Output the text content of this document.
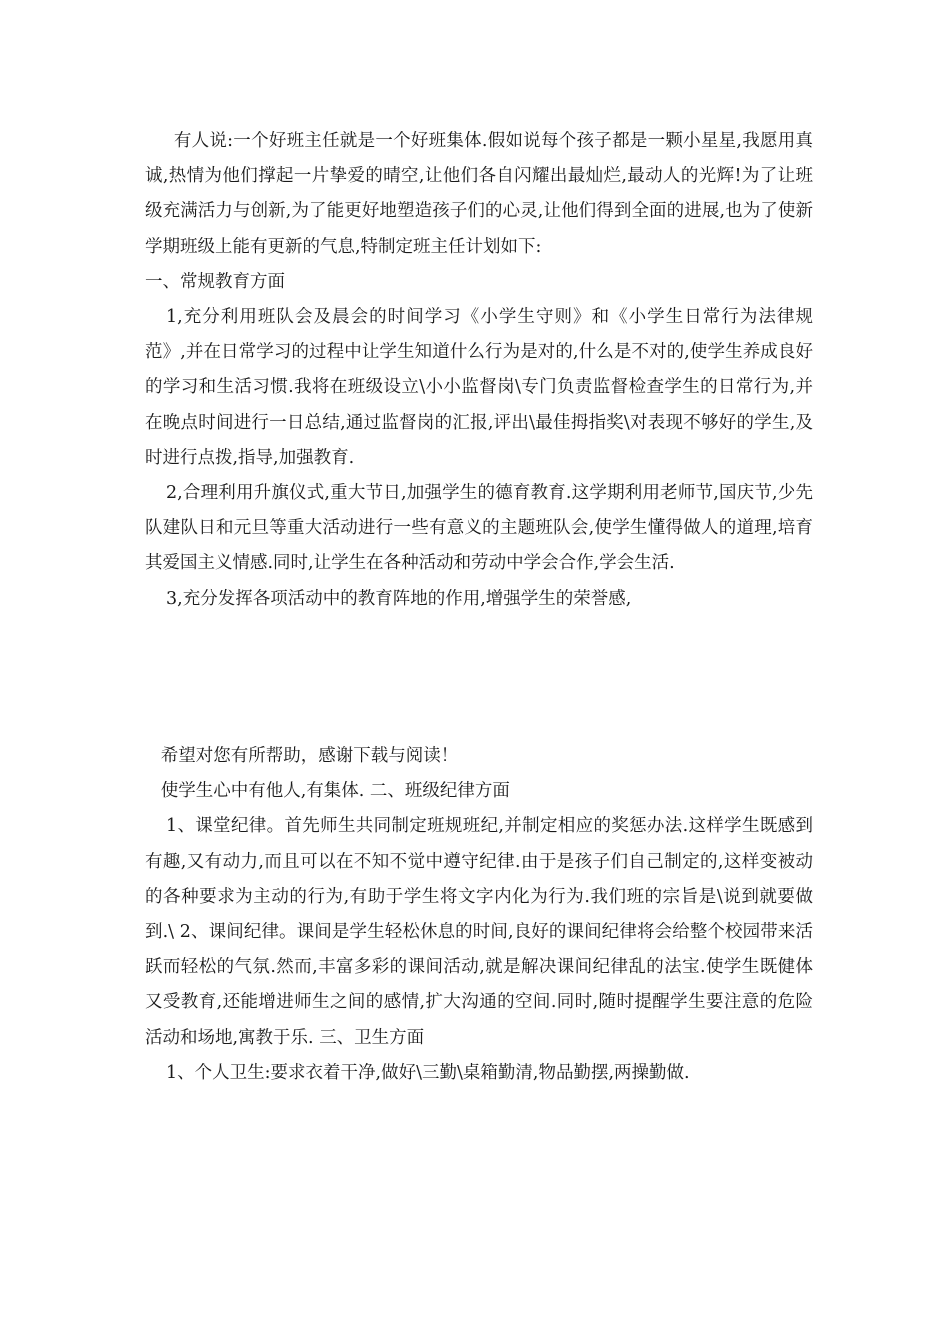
有人说:一个好班主任就是一个好班集体.假如说每个孩子都是一颗小星星,我愿用真诚,热情为他们撑起一片挚爱的晴空,让他们各自闪耀出最灿烂,最动人的光辉!为了让班级充满活力与创新,为了能更好地塑造孩子们的心灵,让他们得到全面的进展,也为了使新学期班级上能有更新的气息,特制定班主任计划如下:

一、常规教育方面

1,充分利用班队会及晨会的时间学习《小学生守则》和《小学生日常行为法律规范》,并在日常学习的过程中让学生知道什么行为是对的,什么是不对的,使学生养成良好的学习和生活习惯.我将在班级设立\小小监督岗\专门负责监督检查学生的日常行为,并在晚点时间进行一日总结,通过监督岗的汇报,评出\最佳拇指奖\对表现不够好的学生,及时进行点拨,指导,加强教育.

2,合理利用升旗仪式,重大节日,加强学生的德育教育.这学期利用老师节,国庆节,少先队建队日和元旦等重大活动进行一些有意义的主题班队会,使学生懂得做人的道理,培育其爱国主义情感.同时,让学生在各种活动和劳动中学会合作,学会生活.

3,充分发挥各项活动中的教育阵地的作用,增强学生的荣誉感,

希望对您有所帮助，感谢下载与阅读！

使学生心中有他人,有集体. 二、班级纪律方面

1、课堂纪律。首先师生共同制定班规班纪,并制定相应的奖惩办法.这样学生既感到有趣,又有动力,而且可以在不知不觉中遵守纪律.由于是孩子们自己制定的,这样变被动的各种要求为主动的行为,有助于学生将文字内化为行为.我们班的宗旨是\说到就要做到.\ 2、课间纪律。课间是学生轻松休息的时间,良好的课间纪律将会给整个校园带来活跃而轻松的气氛.然而,丰富多彩的课间活动,就是解决课间纪律乱的法宝.使学生既健体又受教育,还能增进师生之间的感情,扩大沟通的空间.同时,随时提醒学生要注意的危险活动和场地,寓教于乐. 三、卫生方面

1、个人卫生:要求衣着干净,做好\三勤\桌箱勤清,物品勤摆,两操勤做.
